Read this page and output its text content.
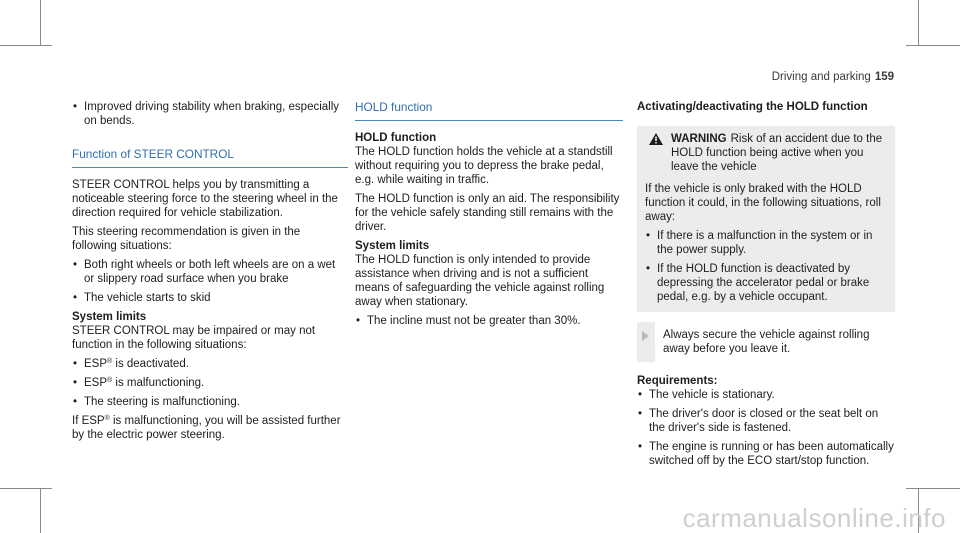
Driving and parking 159
• Improved driving stability when braking, especially on bends.
Function of STEER CONTROL

STEER CONTROL helps you by transmitting a noticeable steering force to the steering wheel in the direction required for vehicle stabilization.

This steering recommendation is given in the following situations:

• Both right wheels or both left wheels are on a wet or slippery road surface when you brake
• The vehicle starts to skid
System limits

STEER CONTROL may be impaired or may not function in the following situations:

• ESP® is deactivated.
• ESP® is malfunctioning.
• The steering is malfunctioning.

If ESP® is malfunctioning, you will be assisted further by the electric power steering.

HOLD function
HOLD function

The HOLD function holds the vehicle at a standstill without requiring you to depress the brake pedal, e.g. while waiting in traffic.

The HOLD function is only an aid. The responsibility for the vehicle safely standing still remains with the driver.

System limits

The HOLD function is only intended to provide assistance when driving and is not a sufficient means of safeguarding the vehicle against rolling away when stationary.

• The incline must not be greater than 30%.
Activating/deactivating the HOLD function
WARNING Risk of an accident due to the HOLD function being active when you leave the vehicle

If the vehicle is only braked with the HOLD function it could, in the following situations, roll away:

• If there is a malfunction in the system or in the power supply.
• If the HOLD function is deactivated by depressing the accelerator pedal or brake pedal, e.g. by a vehicle occupant.
Always secure the vehicle against rolling away before you leave it.
Requirements:
• The vehicle is stationary.
• The driver's door is closed or the seat belt on the driver's side is fastened.
• The engine is running or has been automatically switched off by the ECO start/stop function.
carmanualsonline.info
